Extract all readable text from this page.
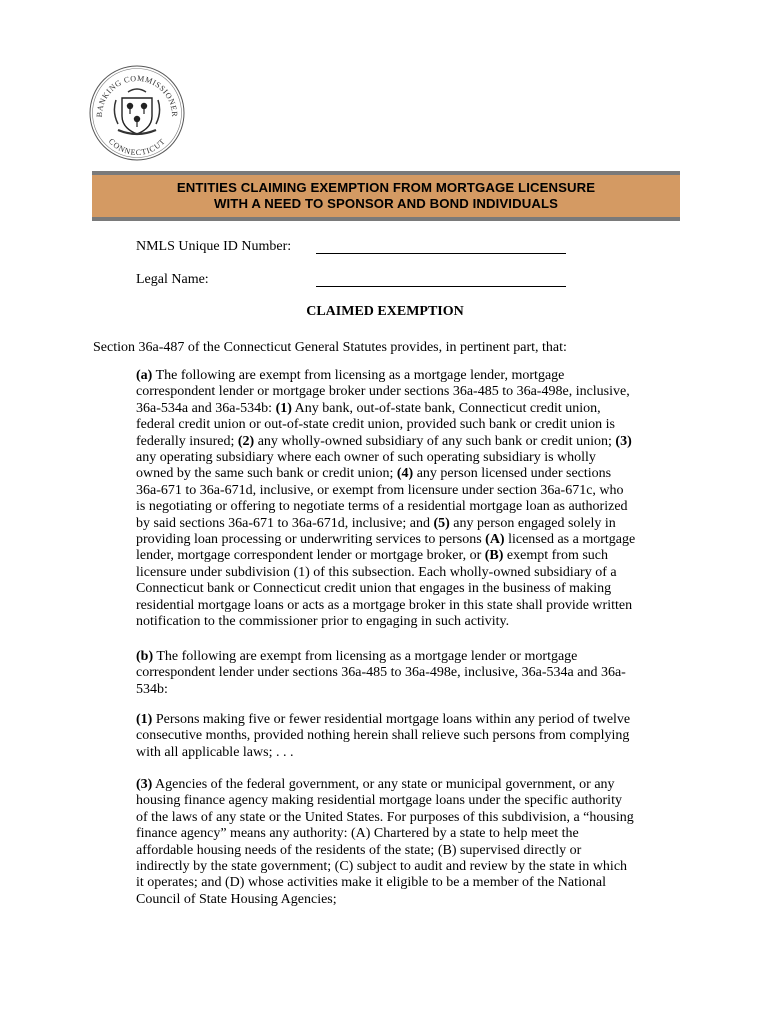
BANKING COMMISSIONER
CONNECTICUT
ENTITIES CLAIMING EXEMPTION FROM MORTGAGE LICENSURE
WITH A NEED TO SPONSOR AND BOND INDIVIDUALS
NMLS Unique ID Number:
Legal Name:
CLAIMED EXEMPTION
Section 36a-487 of the Connecticut General Statutes provides, in pertinent part, that:

(a) The following are exempt from licensing as a mortgage lender, mortgage correspondent lender or mortgage broker under sections 36a-485 to 36a-498e, inclusive, 36a-534a and 36a-534b: (1) Any bank, out-of-state bank, Connecticut credit union, federal credit union or out-of-state credit union, provided such bank or credit union is federally insured; (2) any wholly-owned subsidiary of any such bank or credit union; (3) any operating subsidiary where each owner of such operating subsidiary is wholly owned by the same such bank or credit union; (4) any person licensed under sections 36a-671 to 36a-671d, inclusive, or exempt from licensure under section 36a-671c, who is negotiating or offering to negotiate terms of a residential mortgage loan as authorized by said sections 36a-671 to 36a-671d, inclusive; and (5) any person engaged solely in providing loan processing or underwriting services to persons (A) licensed as a mortgage lender, mortgage correspondent lender or mortgage broker, or (B) exempt from such licensure under subdivision (1) of this subsection. Each wholly-owned subsidiary of a Connecticut bank or Connecticut credit union that engages in the business of making residential mortgage loans or acts as a mortgage broker in this state shall provide written notification to the commissioner prior to engaging in such activity.

(b) The following are exempt from licensing as a mortgage lender or mortgage correspondent lender under sections 36a-485 to 36a-498e, inclusive, 36a-534a and 36a-534b:

(1) Persons making five or fewer residential mortgage loans within any period of twelve consecutive months, provided nothing herein shall relieve such persons from complying with all applicable laws; . . .

(3) Agencies of the federal government, or any state or municipal government, or any housing finance agency making residential mortgage loans under the specific authority of the laws of any state or the United States. For purposes of this subdivision, a “housing finance agency” means any authority: (A) Chartered by a state to help meet the affordable housing needs of the residents of the state; (B) supervised directly or indirectly by the state government; (C) subject to audit and review by the state in which it operates; and (D) whose activities make it eligible to be a member of the National Council of State Housing Agencies;
